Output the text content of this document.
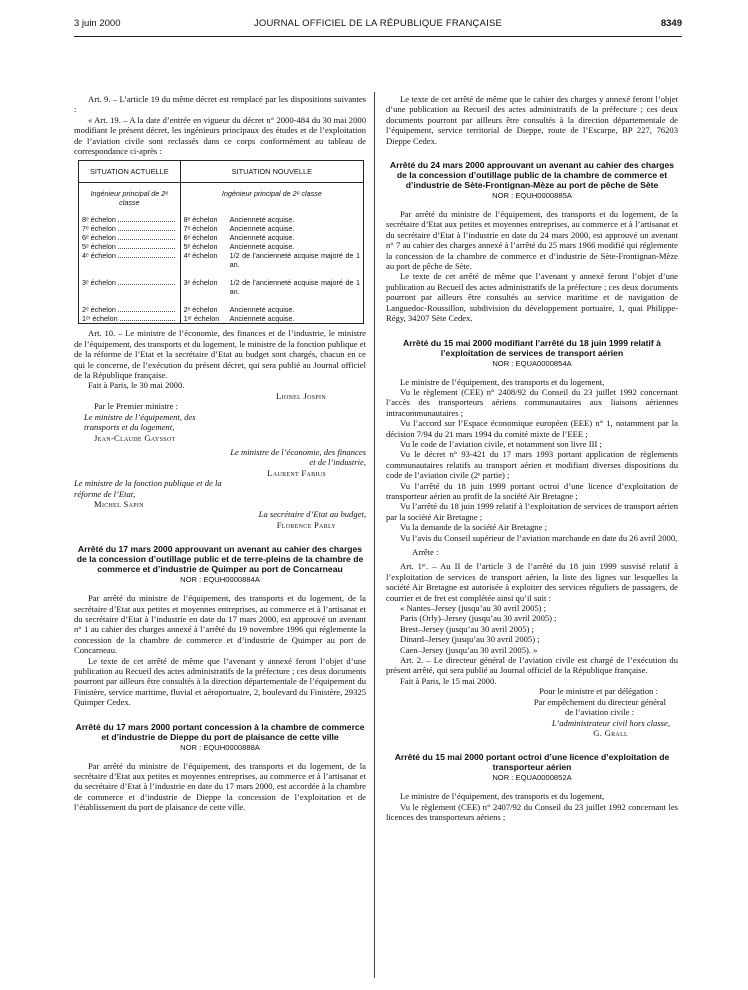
3 juin 2000	JOURNAL OFFICIEL DE LA RÉPUBLIQUE FRANÇAISE	8349

Art. 9. – L’article 19 du même décret est remplacé par les dispositions suivantes :

« Art. 19. – A la date d’entrée en vigueur du décret n° 2000-484 du 30 mai 2000 modifiant le présent décret, les ingénieurs principaux des études et de l’exploitation de l’aviation civile sont reclassés dans ce corps conformément au tableau de correspondance ci-après :

SITUATION ACTUELLE	SITUATION NOUVELLE	
Ingénieur principal de 2ᵉ classe	Ingénieur principal de 2ᵉ classe	

8ᵉ échelon	8ᵉ échelon	Ancienneté acquise.

7ᵉ échelon	7ᵉ échelon	Ancienneté acquise.

6ᵉ échelon	6ᵉ échelon	Ancienneté acquise.

5ᵉ échelon	5ᵉ échelon	Ancienneté acquise.

4ᵉ échelon	4ᵉ échelon	1/2 de l’ancienneté acquise majoré de 1 an.

3ᵉ échelon	3ᵉ échelon	1/2 de l’ancienneté acquise majoré de 1 an.

2ᵉ échelon	2ᵉ échelon	Ancienneté acquise.

1ᵉʳ échelon	1ᵉʳ échelon	Ancienneté acquise.

Art. 10. – Le ministre de l’économie, des finances et de l’industrie, le ministre de l’équipement, des transports et du logement, le ministre de la fonction publique et de la réforme de l’Etat et la secrétaire d’Etat au budget sont chargés, chacun en ce qui le concerne, de l’exécution du présent décret, qui sera publié au Journal officiel de la République française.

Fait à Paris, le 30 mai 2000.

Lionel Jospin

Par le Premier ministre :

Le ministre de l’équipement, des transports et du logement,

Jean-Claude Gayssot

Le ministre de l’économie, des finances et de l’industrie,

Laurent Fabius

Le ministre de la fonction publique et de la réforme de l’Etat,

Michel Sapin

La secrétaire d’Etat au budget,

Florence Parly

Arrêté du 17 mars 2000 approuvant un avenant au cahier des charges de la concession d’outillage public et de terre-pleins de la chambre de commerce et d’industrie de Quimper au port de Concarneau

NOR : EQUH0000884A

Par arrêté du ministre de l’équipement, des transports et du logement, de la secrétaire d’Etat aux petites et moyennes entreprises, au commerce et à l’artisanat et du secrétaire d’Etat à l’industrie en date du 17 mars 2000, est approuvé un avenant n° 1 au cahier des charges annexé à l’arrêté du 19 novembre 1996 qui réglemente la concession de la chambre de commerce et d’industrie de Quimper au port de Concarneau.

Le texte de cet arrêté de même que l’avenant y annexé feront l’objet d’une publication au Recueil des actes administratifs de la préfecture ; ces deux documents pourront par ailleurs être consultés à la direction départementale de l’équipement du Finistère, service maritime, fluvial et aéroportuaire, 2, boulevard du Finistère, 29325 Quimper Cedex.

Arrêté du 17 mars 2000 portant concession à la chambre de commerce et d’industrie de Dieppe du port de plaisance de cette ville

NOR : EQUH0000888A

Par arrêté du ministre de l’équipement, des transports et du logement, de la secrétaire d’Etat aux petites et moyennes entreprises, au commerce et à l’artisanat et du secrétaire d’Etat à l’industrie en date du 17 mars 2000, est accordée à la chambre de commerce et d’industrie de Dieppe la concession de l’exploitation et de l’établissement du port de plaisance de cette ville.

Le texte de cet arrêté de même que le cahier des charges y annexé feront l’objet d’une publication au Recueil des actes administratifs de la préfecture ; ces deux documents pourront par ailleurs être consultés à la direction départementale de l’équipement, service territorial de Dieppe, route de l’Escarpe, BP 227, 76203 Dieppe Cedex.

Arrêté du 24 mars 2000 approuvant un avenant au cahier des charges de la concession d’outillage public de la chambre de commerce et d’industrie de Sète-Frontignan-Mèze au port de pêche de Sète

NOR : EQUH0000885A

Par arrêté du ministre de l’équipement, des transports et du logement, de la secrétaire d’Etat aux petites et moyennes entreprises, au commerce et à l’artisanat et du secrétaire d’Etat à l’industrie en date du 24 mars 2000, est approuvé un avenant n° 7 au cahier des charges annexé à l’arrêté du 25 mars 1966 modifié qui réglemente la concession de la chambre de commerce et d’industrie de Sète-Frontignan-Mèze au port de pêche de Sète.

Le texte de cet arrêté de même que l’avenant y annexé feront l’objet d’une publication au Recueil des actes administratifs de la préfecture ; ces deux documents pourront par ailleurs être consultés au service maritime et de navigation de Languedoc-Roussillon, subdivision du développement portuaire, 1, quai Philippe-Régy, 34207 Sète Cedex.

Arrêté du 15 mai 2000 modifiant l’arrêté du 18 juin 1999 relatif à l’exploitation de services de transport aérien

NOR : EQUA0000854A

Le ministre de l’équipement, des transports et du logement,

Vu le règlement (CEE) n° 2408/92 du Conseil du 23 juillet 1992 concernant l’accès des transporteurs aériens communautaires aux liaisons aériennes intracommunautaires ;

Vu l’accord sur l’Espace économique européen (EEE) n° 1, notamment par la décision 7/94 du 21 mars 1994 du comité mixte de l’EEE ;

Vu le code de l’aviation civile, et notamment son livre III ;

Vu le décret n° 93-421 du 17 mars 1993 portant application de règlements communautaires relatifs au transport aérien et modifiant diverses dispositions du code de l’aviation civile (2ᵉ partie) ;

Vu l’arrêté du 18 juin 1999 portant octroi d’une licence d’exploitation de transporteur aérien au profit de la société Air Bretagne ;

Vu l’arrêté du 18 juin 1999 relatif à l’exploitation de services de transport aérien par la société Air Bretagne ;

Vu la demande de la société Air Bretagne ;

Vu l’avis du Conseil supérieur de l’aviation marchande en date du 26 avril 2000,

Arrête :

Art. 1ᵉʳ. – Au II de l’article 3 de l’arrêté du 18 juin 1999 susvisé relatif à l’exploitation de services de transport aérien, la liste des lignes sur lesquelles la société Air Bretagne est autorisée à exploiter des services réguliers de passagers, de courrier et de fret est complétée ainsi qu’il suit :

« Nantes–Jersey (jusqu’au 30 avril 2005) ;

Paris (Orly)–Jersey (jusqu’au 30 avril 2005) ;

Brest–Jersey (jusqu’au 30 avril 2005) ;

Dinard–Jersey (jusqu’au 30 avril 2005) ;

Caen–Jersey (jusqu’au 30 avril 2005). »

Art. 2. – Le directeur général de l’aviation civile est chargé de l’exécution du présent arrêté, qui sera publié au Journal officiel de la République française.

Fait à Paris, le 15 mai 2000.

Pour le ministre et par délégation :

Par empêchement du directeur général

de l’aviation civile :

L’administrateur civil hors classe,

G. Grall

Arrêté du 15 mai 2000 portant octroi d’une licence d’exploitation de transporteur aérien

NOR : EQUA0000852A

Le ministre de l’équipement, des transports et du logement,

Vu le règlement (CEE) n° 2407/92 du Conseil du 23 juillet 1992 concernant les licences des transporteurs aériens ;
